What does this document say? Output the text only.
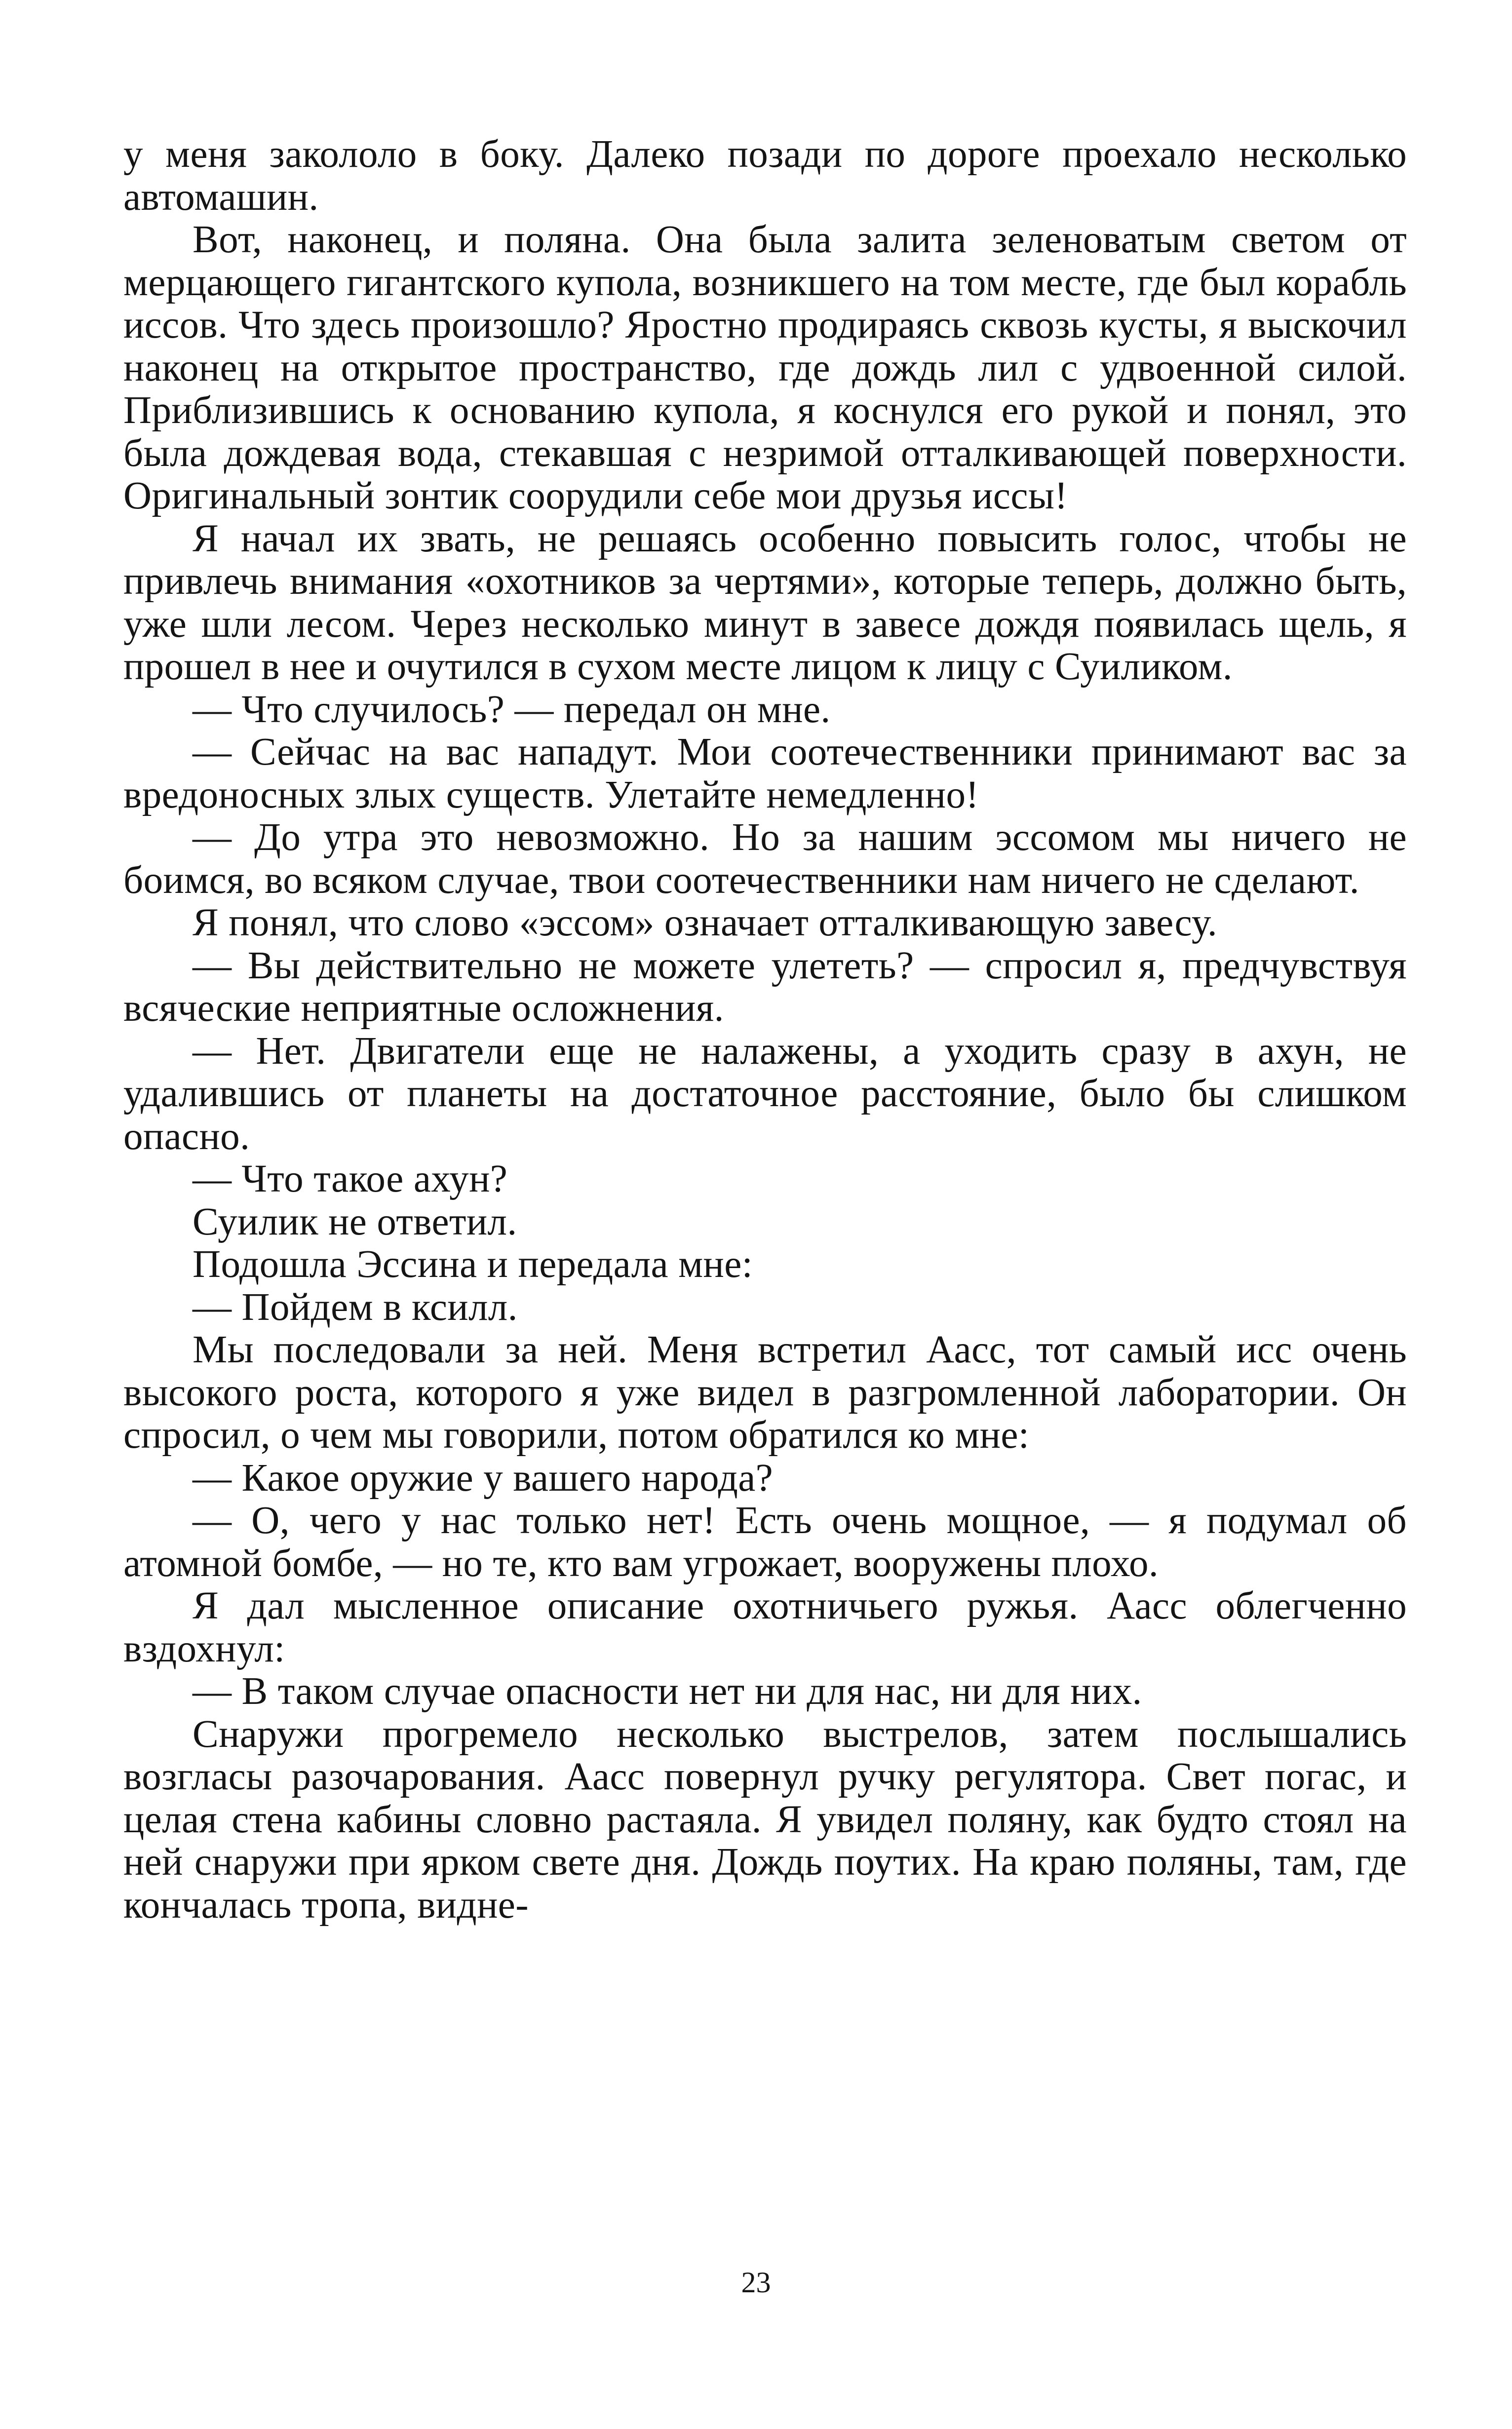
у меня закололо в боку. Далеко позади по дороге проехало несколько автомашин.

Вот, наконец, и поляна. Она была залита зеленоватым светом от мерцающего гигантского купола, возникшего на том месте, где был корабль иссов. Что здесь произошло? Яростно продираясь сквозь кусты, я выскочил наконец на открытое пространство, где дождь лил с удвоенной силой. Приблизившись к основанию купола, я коснулся его рукой и понял, это была дождевая вода, стекавшая с незримой отталкивающей поверхности. Оригинальный зонтик соорудили себе мои друзья иссы!

Я начал их звать, не решаясь особенно повысить голос, чтобы не привлечь внимания «охотников за чертями», которые теперь, должно быть, уже шли лесом. Через несколько минут в завесе дождя появилась щель, я прошел в нее и очутился в сухом месте лицом к лицу с Суиликом.

— Что случилось? — передал он мне.

— Сейчас на вас нападут. Мои соотечественники принимают вас за вредоносных злых существ. Улетайте немедленно!

— До утра это невозможно. Но за нашим эссомом мы ничего не боимся, во всяком случае, твои соотечественники нам ничего не сделают.

Я понял, что слово «эссом» означает отталкивающую завесу.

— Вы действительно не можете улететь? — спросил я, предчувствуя всяческие неприятные осложнения.

— Нет. Двигатели еще не налажены, а уходить сразу в ахун, не удалившись от планеты на достаточное расстояние, было бы слишком опасно.

— Что такое ахун?

Суилик не ответил.

Подошла Эссина и передала мне:

— Пойдем в ксилл.

Мы последовали за ней. Меня встретил Аасс, тот самый исс очень высокого роста, которого я уже видел в разгромленной лаборатории. Он спросил, о чем мы говорили, потом обратился ко мне:

— Какое оружие у вашего народа?

— О, чего у нас только нет! Есть очень мощное, — я подумал об атомной бомбе, — но те, кто вам угрожает, вооружены плохо.

Я дал мысленное описание охотничьего ружья. Аасс облегченно вздохнул:

— В таком случае опасности нет ни для нас, ни для них.

Снаружи прогремело несколько выстрелов, затем послышались возгласы разочарования. Аасс повернул ручку регулятора. Свет погас, и целая стена кабины словно растаяла. Я увидел поляну, как будто стоял на ней снаружи при ярком свете дня. Дождь поутих. На краю поляны, там, где кончалась тропа, видне-

23
